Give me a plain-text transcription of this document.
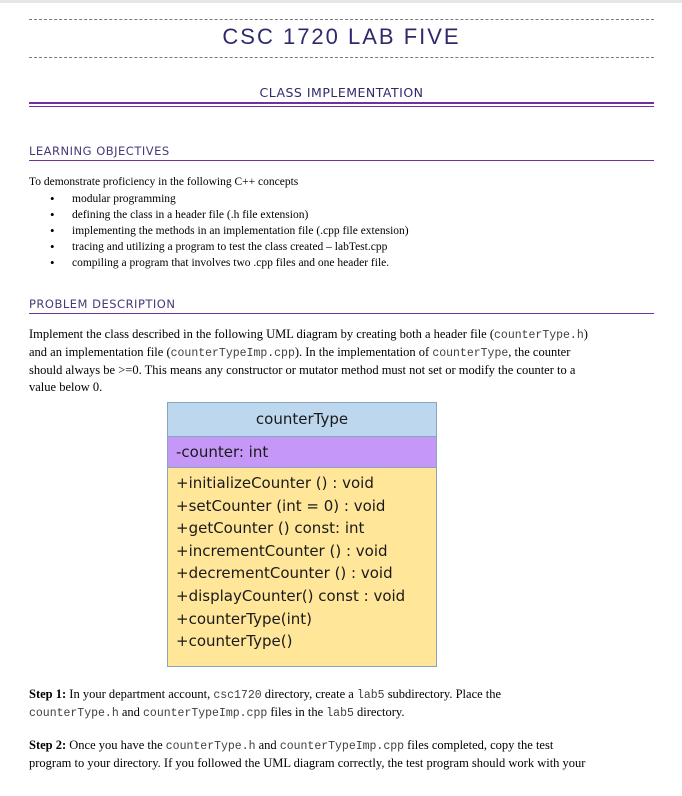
CSC 1720 LAB FIVE
CLASS IMPLEMENTATION
LEARNING OBJECTIVES
To demonstrate proficiency in the following C++ concepts
• modular programming
• defining the class in a header file (.h file extension)
• implementing the methods in an implementation file (.cpp file extension)
• tracing and utilizing a program to test the class created – labTest.cpp
• compiling a program that involves two .cpp files and one header file.
PROBLEM DESCRIPTION
Implement the class described in the following UML diagram by creating both a header file (counterType.h)
and an implementation file (counterTypeImp.cpp). In the implementation of counterType, the counter
should always be >=0. This means any constructor or mutator method must not set or modify the counter to a
value below 0.
counterType
-counter: int
+initializeCounter () : void
+setCounter (int = 0) : void
+getCounter () const: int
+incrementCounter () : void
+decrementCounter () : void
+displayCounter() const : void
+counterType(int)
+counterType()
Step 1: In your department account, csc1720 directory, create a lab5 subdirectory. Place the
counterType.h and counterTypeImp.cpp files in the lab5 directory.
Step 2: Once you have the counterType.h and counterTypeImp.cpp files completed, copy the test
program to your directory. If you followed the UML diagram correctly, the test program should work with your
